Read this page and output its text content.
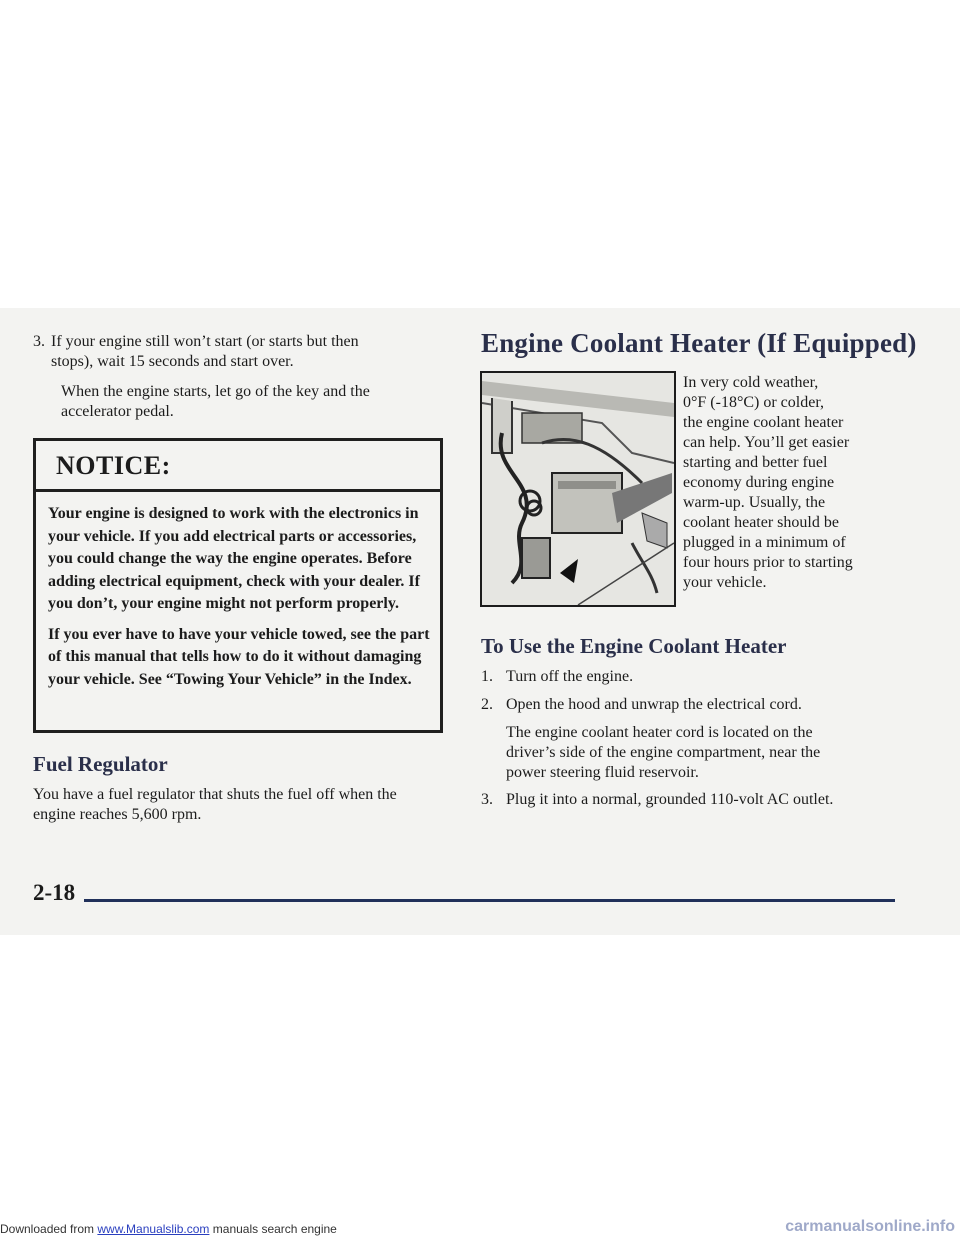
3. If your engine still won’t start (or starts but then
stops), wait 15 seconds and start over.
When the engine starts, let go of the key and the
accelerator pedal.
NOTICE:

Your engine is designed to work with the electronics in your vehicle. If you add electrical parts or accessories, you could change the way the engine operates. Before adding electrical equipment, check with your dealer. If you don’t, your engine might not perform properly.

If you ever have to have your vehicle towed, see the part of this manual that tells how to do it without damaging your vehicle. See “Towing Your Vehicle” in the Index.

Fuel Regulator
You have a fuel regulator that shuts the fuel off when the
engine reaches 5,600 rpm.
Engine Coolant Heater (If Equipped)
In very cold weather,
0°F (-18°C) or colder,
the engine coolant heater
can help. You’ll get easier
starting and better fuel
economy during engine
warm-up. Usually, the
coolant heater should be
plugged in a minimum of
four hours prior to starting
your vehicle.
To Use the Engine Coolant Heater
1. Turn off the engine.
2. Open the hood and unwrap the electrical cord.
The engine coolant heater cord is located on the
driver’s side of the engine compartment, near the
power steering fluid reservoir.
3. Plug it into a normal, grounded 110-volt AC outlet.
2-18
Downloaded from www.Manualslib.com manuals search engine	carmanualsonline.info
